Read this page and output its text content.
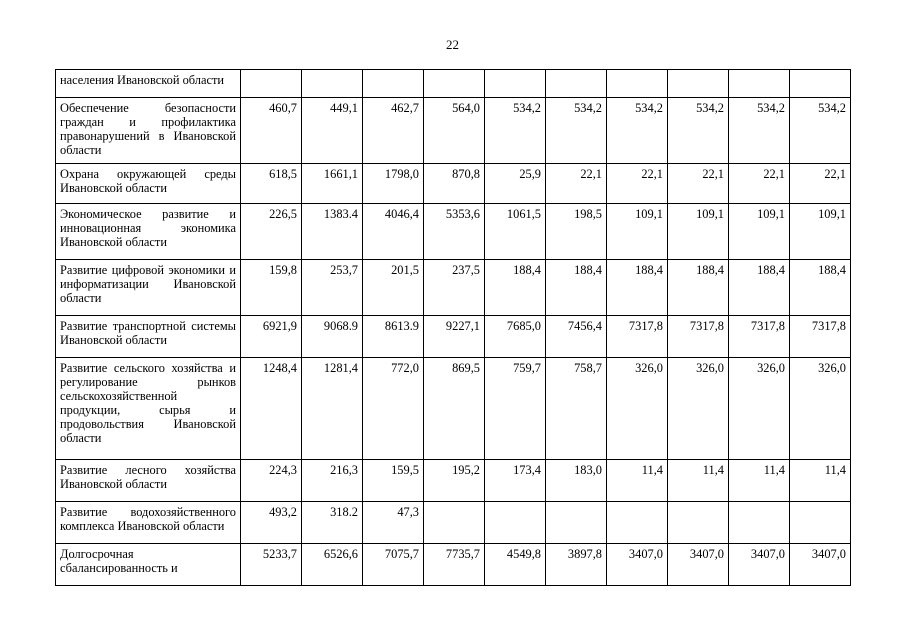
22
населения Ивановской области										
Обеспечение безопасности граждан и профилактика правонарушений в Ивановской области	460,7	449,1	462,7	564,0	534,2	534,2	534,2	534,2	534,2	534,2
Охрана окружающей среды Ивановской области	618,5	1661,1	1798,0	870,8	25,9	22,1	22,1	22,1	22,1	22,1
Экономическое развитие и инновационная экономика Ивановской области	226,5	1383.4	4046,4	5353,6	1061,5	198,5	109,1	109,1	109,1	109,1
Развитие цифровой экономики и информатизации Ивановской области	159,8	253,7	201,5	237,5	188,4	188,4	188,4	188,4	188,4	188,4
Развитие транспортной системы Ивановской области	6921,9	9068.9	8613.9	9227,1	7685,0	7456,4	7317,8	7317,8	7317,8	7317,8
Развитие сельского хозяйства и регулирование рынков сельскохозяйственной продукции, сырья и продовольствия Ивановской области	1248,4	1281,4	772,0	869,5	759,7	758,7	326,0	326,0	326,0	326,0
Развитие лесного хозяйства Ивановской области	224,3	216,3	159,5	195,2	173,4	183,0	11,4	11,4	11,4	11,4
Развитие водохозяйственного комплекса Ивановской области	493,2	318.2	47,3							
Долгосрочная сбалансированность и	5233,7	6526,6	7075,7	7735,7	4549,8	3897,8	3407,0	3407,0	3407,0	3407,0
